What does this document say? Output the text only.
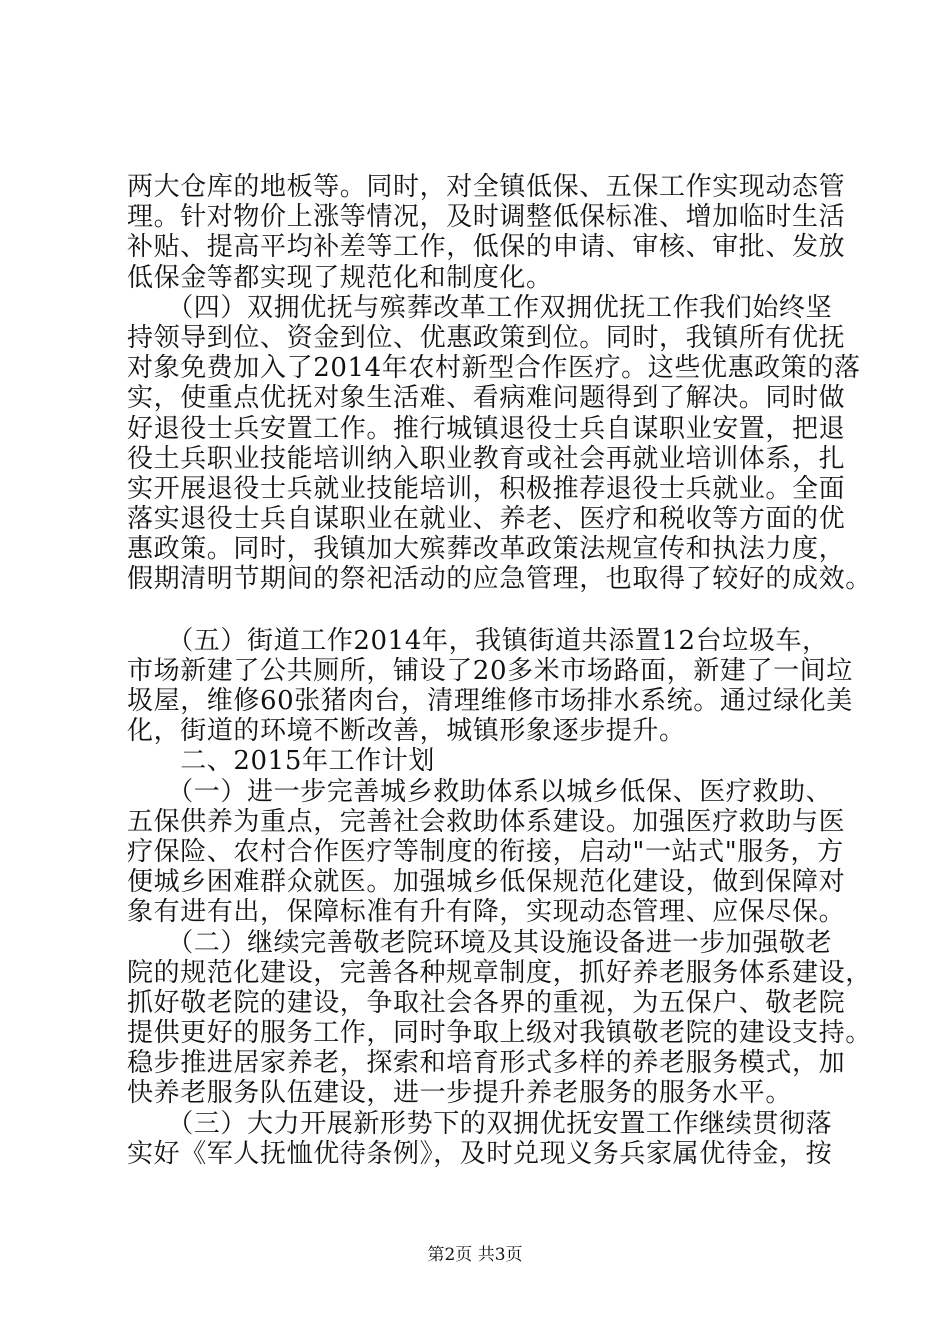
两大仓库的地板等。同时，对全镇低保、五保工作实现动态管
理。针对物价上涨等情况，及时调整低保标准、增加临时生活
补贴、提高平均补差等工作，低保的申请、审核、审批、发放
低保金等都实现了规范化和制度化。
　　（四）双拥优抚与殡葬改革工作双拥优抚工作我们始终坚
持领导到位、资金到位、优惠政策到位。同时，我镇所有优抚
对象免费加入了2014年农村新型合作医疗。这些优惠政策的落
实，使重点优抚对象生活难、看病难问题得到了解决。同时做
好退役士兵安置工作。推行城镇退役士兵自谋职业安置，把退
役土兵职业技能培训纳入职业教育或社会再就业培训体系，扎
实开展退役士兵就业技能培训，积极推荐退役士兵就业。全面
落实退役士兵自谋职业在就业、养老、医疗和税收等方面的优
惠政策。同时，我镇加大殡葬改革政策法规宣传和执法力度，
假期清明节期间的祭祀活动的应急管理，也取得了较好的成效。
　　（五）街道工作2014年，我镇街道共添置12台垃圾车，
市场新建了公共厕所，铺设了20多米市场路面，新建了一间垃
圾屋，维修60张猪肉台，清理维修市场排水系统。通过绿化美
化，街道的环境不断改善，城镇形象逐步提升。
　　二、2015年工作计划
　　（一）进一步完善城乡救助体系以城乡低保、医疗救助、
五保供养为重点，完善社会救助体系建设。加强医疗救助与医
疗保险、农村合作医疗等制度的衔接，启动"一站式"服务，方
便城乡困难群众就医。加强城乡低保规范化建设，做到保障对
象有进有出，保障标准有升有降，实现动态管理、应保尽保。
　　（二）继续完善敬老院环境及其设施设备进一步加强敬老
院的规范化建设，完善各种规章制度，抓好养老服务体系建设，
抓好敬老院的建设，争取社会各界的重视，为五保户、敬老院
提供更好的服务工作，同时争取上级对我镇敬老院的建设支持。
稳步推进居家养老，探索和培育形式多样的养老服务模式，加
快养老服务队伍建设，进一步提升养老服务的服务水平。
　　（三）大力开展新形势下的双拥优抚安置工作继续贯彻落
实好《军人抚恤优待条例》，及时兑现义务兵家属优待金，按
第2页 共3页
